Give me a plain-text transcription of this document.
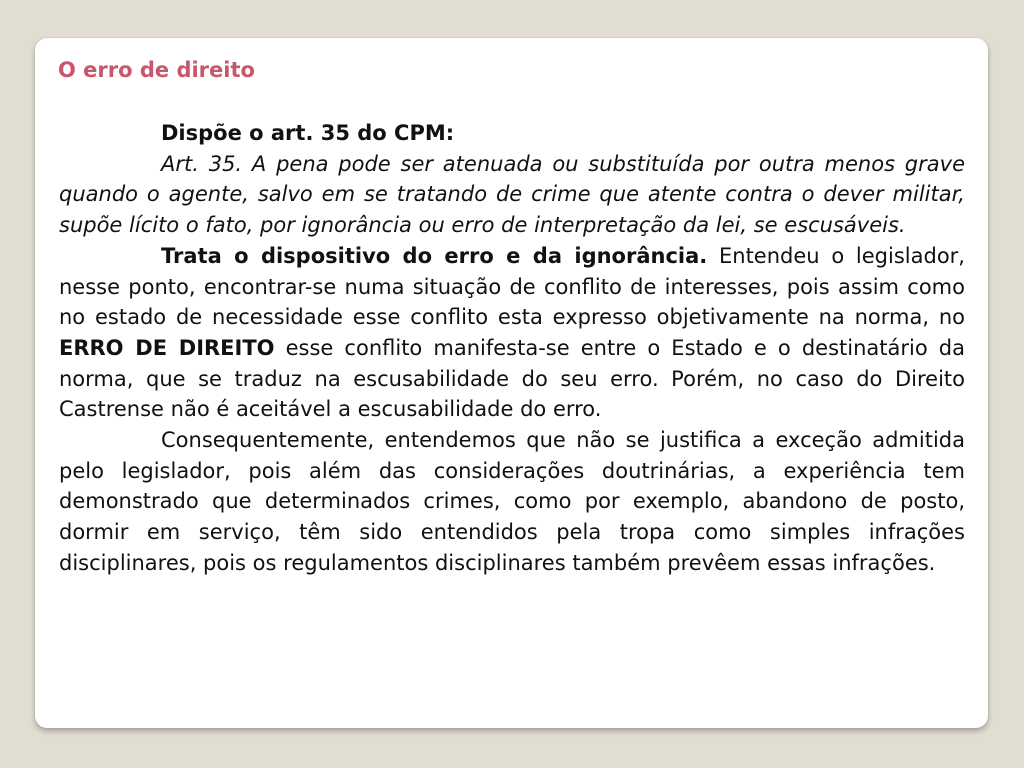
O erro de direito

Dispõe o art. 35 do CPM:

Art. 35. A pena pode ser atenuada ou substituída por outra menos grave quando o agente, salvo em se tratando de crime que atente contra o dever militar, supõe lícito o fato, por ignorância ou erro de interpretação da lei, se escusáveis.

Trata o dispositivo do erro e da ignorância. Entendeu o legislador, nesse ponto, encontrar-se numa situação de conflito de interesses, pois assim como no estado de necessidade esse conflito esta expresso objetivamente na norma, no ERRO DE DIREITO esse conflito manifesta-se entre o Estado e o destinatário da norma, que se traduz na escusabilidade do seu erro. Porém, no caso do Direito Castrense não é aceitável a escusabilidade do erro.

Consequentemente, entendemos que não se justifica a exceção admitida pelo legislador, pois além das considerações doutrinárias, a experiência tem demonstrado que determinados crimes, como por exemplo, abandono de posto, dormir em serviço, têm sido entendidos pela tropa como simples infrações disciplinares, pois os regulamentos disciplinares também prevêem essas infrações.
